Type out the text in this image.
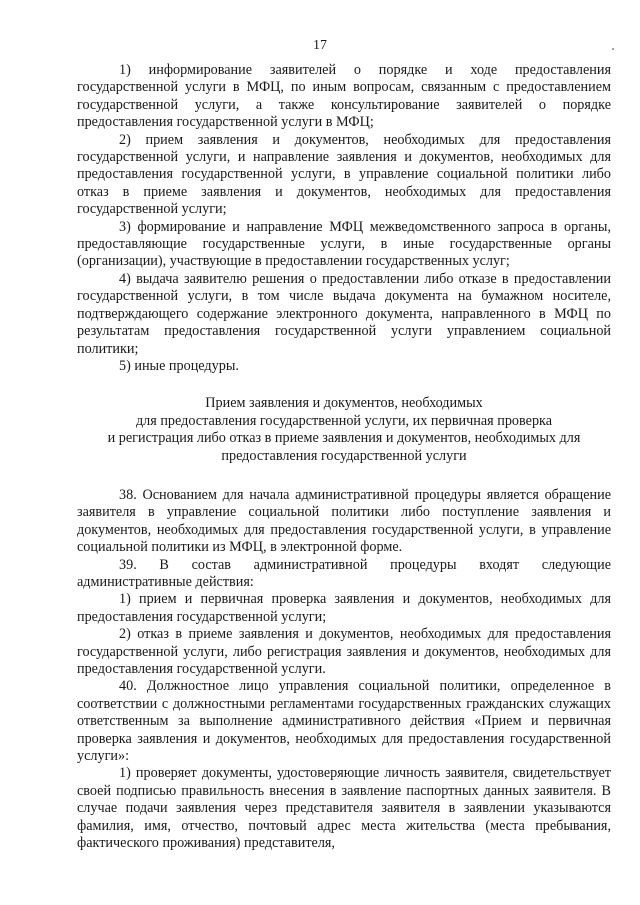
17

1) информирование заявителей о порядке и ходе предоставления государственной услуги в МФЦ, по иным вопросам, связанным с предоставлением государственной услуги, а также консультирование заявителей о порядке предоставления государственной услуги в МФЦ;

2) прием заявления и документов, необходимых для предоставления государственной услуги, и направление заявления и документов, необходимых для предоставления государственной услуги, в управление социальной политики либо отказ в приеме заявления и документов, необходимых для предоставления государственной услуги;

3) формирование и направление МФЦ межведомственного запроса в органы, предоставляющие государственные услуги, в иные государственные органы (организации), участвующие в предоставлении государственных услуг;

4) выдача заявителю решения о предоставлении либо отказе в предоставлении государственной услуги, в том числе выдача документа на бумажном носителе, подтверждающего содержание электронного документа, направленного в МФЦ по результатам предоставления государственной услуги управлением социальной политики;

5) иные процедуры.

Прием заявления и документов, необходимых
для предоставления государственной услуги, их первичная проверка
и регистрация либо отказ в приеме заявления и документов, необходимых для
предоставления государственной услуги

38. Основанием для начала административной процедуры является обращение заявителя в управление социальной политики либо поступление заявления и документов, необходимых для предоставления государственной услуги, в управление социальной политики из МФЦ, в электронной форме.

39. В состав административной процедуры входят следующие административные действия:

1) прием и первичная проверка заявления и документов, необходимых для предоставления государственной услуги;

2) отказ в приеме заявления и документов, необходимых для предоставления государственной услуги, либо регистрация заявления и документов, необходимых для предоставления государственной услуги.

40. Должностное лицо управления социальной политики, определенное в соответствии с должностными регламентами государственных гражданских служащих ответственным за выполнение административного действия «Прием и первичная проверка заявления и документов, необходимых для предоставления государственной услуги»:

1) проверяет документы, удостоверяющие личность заявителя, свидетельствует своей подписью правильность внесения в заявление паспортных данных заявителя. В случае подачи заявления через представителя заявителя в заявлении указываются фамилия, имя, отчество, почтовый адрес места жительства (места пребывания, фактического проживания) представителя,
